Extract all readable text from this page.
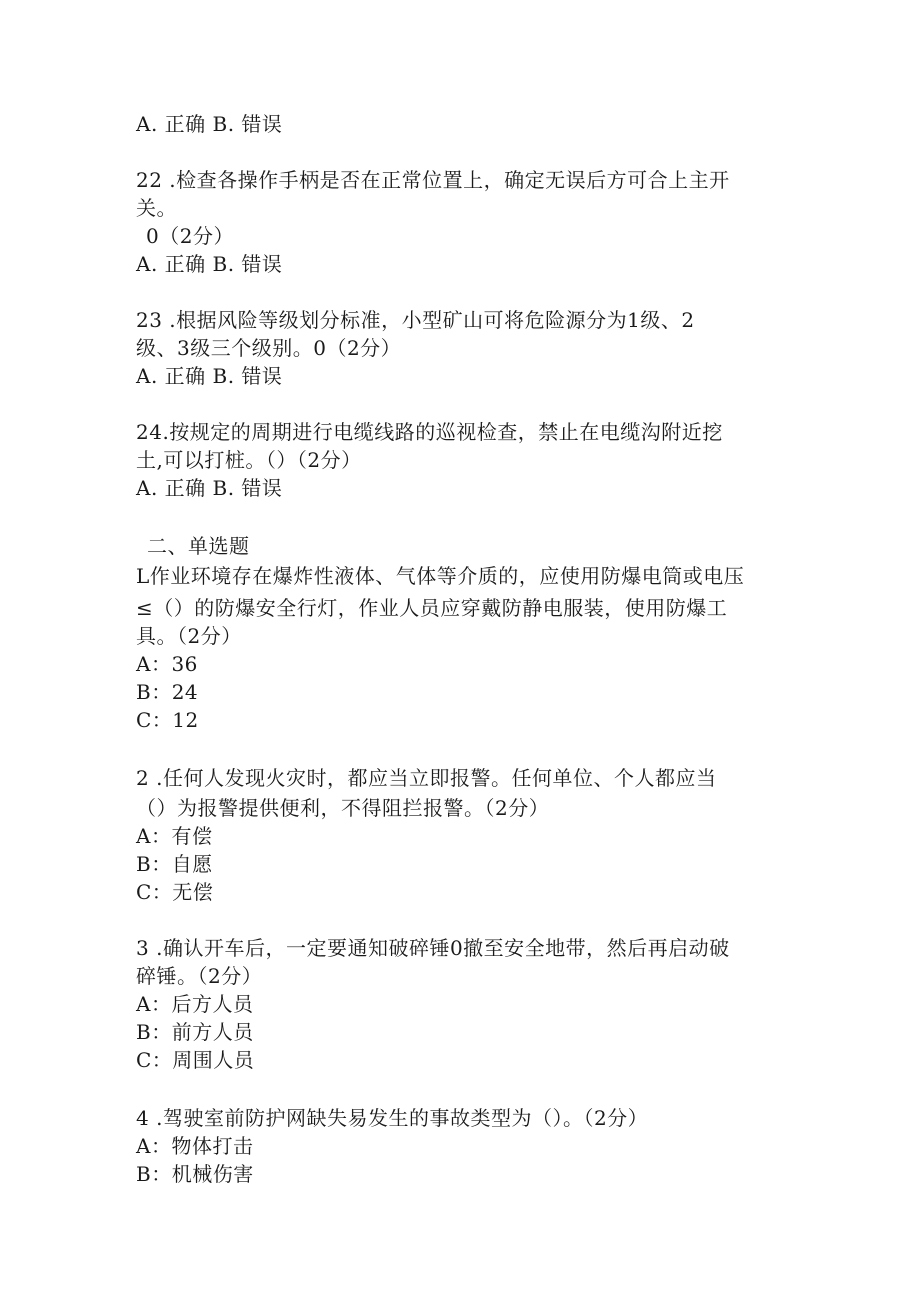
A. 正确 B. 错误
22 .检查各操作手柄是否在正常位置上，确定无误后方可合上主开
关。
0（2分）
A. 正确 B. 错误
23 .根据风险等级划分标准，小型矿山可将危险源分为1级、2
级、3级三个级别。0（2分）
A. 正确 B. 错误
24.按规定的周期进行电缆线路的巡视检查，禁止在电缆沟附近挖
土,可以打桩。（）（2分）
A. 正确 B. 错误
二、单选题
L作业环境存在爆炸性液体、气体等介质的，应使用防爆电筒或电压
≤（）的防爆安全行灯，作业人员应穿戴防静电服装，使用防爆工
具。（2分）
A：36
B：24
C：12
2 .任何人发现火灾时，都应当立即报警。任何单位、个人都应当
（）为报警提供便利，不得阻拦报警。（2分）
A：有偿
B：自愿
C：无偿
3 .确认开车后，一定要通知破碎锤0撤至安全地带，然后再启动破
碎锤。（2分）
A：后方人员
B：前方人员
C：周围人员
4 .驾驶室前防护网缺失易发生的事故类型为（）。（2分）
A：物体打击
B：机械伤害
